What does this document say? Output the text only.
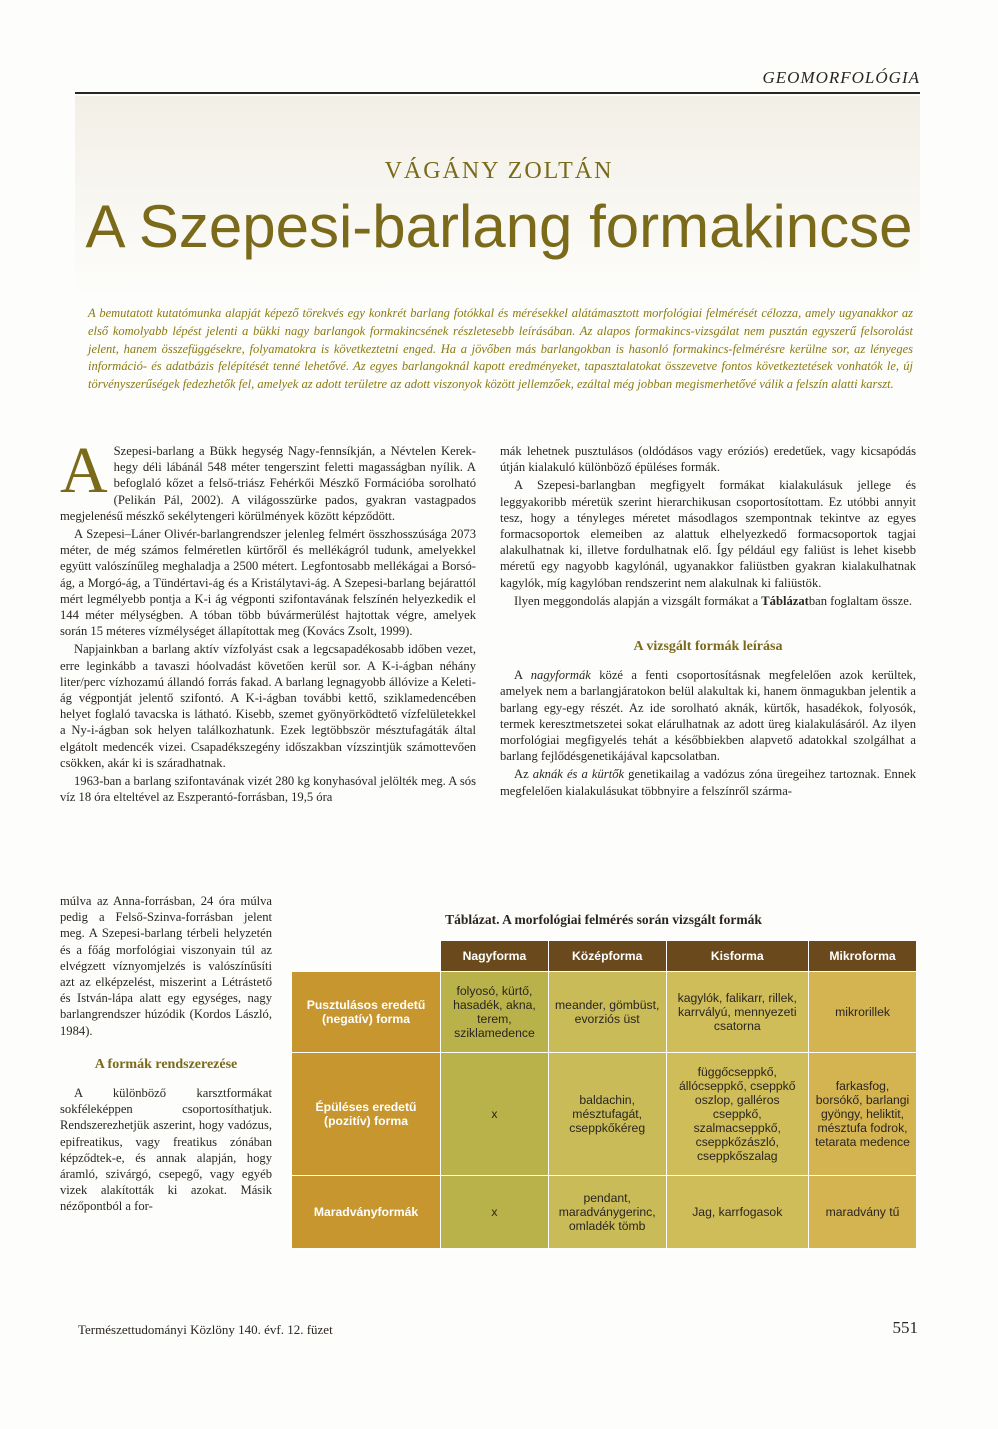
GEOMORFOLÓGIA
VÁGÁNY ZOLTÁN
A Szepesi-barlang formakincse
A bemutatott kutatómunka alapját képező törekvés egy konkrét barlang fotókkal és mérésekkel alátámasztott morfológiai felmérését célozza, amely ugyanakkor az első komolyabb lépést jelenti a bükki nagy barlangok formakincsének részletesebb leírásában. Az alapos formakincs-vizsgálat nem pusztán egyszerű felsorolást jelent, hanem összefüggésekre, folyamatokra is következtetni enged. Ha a jövőben más barlangokban is hasonló formakincs-felmérésre kerülne sor, az lényeges információ- és adatbázis felépítését tenné lehetővé. Az egyes barlangoknál kapott eredményeket, tapasztalatokat összevetve fontos következtetések vonhatók le, új törvényszerűségek fedezhetők fel, amelyek az adott területre az adott viszonyok között jellemzőek, ezáltal még jobban megismerhetővé válik a felszín alatti karszt.

A Szepesi-barlang a Bükk hegység Nagy-fennsíkján, a Névtelen Kerek-hegy déli lábánál 548 méter tengerszint feletti magasságban nyílik. A befoglaló kőzet a felső-triász Fehérkői Mészkő Formációba sorolható (Pelikán Pál, 2002). A világosszürke pados, gyakran vastagpados megjelenésű mészkő sekélytengeri körülmények között képződött.

A Szepesi–Láner Olivér-barlangrendszer jelenleg felmért összhosszúsága 2073 méter, de még számos felméretlen kürtőről és mellékágról tudunk, amelyekkel együtt valószínűleg meghaladja a 2500 métert. Legfontosabb mellékágai a Borsó-ág, a Morgó-ág, a Tündértavi-ág és a Kristálytavi-ág. A Szepesi-barlang bejárattól mért legmélyebb pontja a K-i ág végponti szifontavának felszínén helyezkedik el 144 méter mélységben. A tóban több búvármerülést hajtottak végre, amelyek során 15 méteres vízmélységet állapítottak meg (Kovács Zsolt, 1999).

Napjainkban a barlang aktív vízfolyást csak a legcsapadékosabb időben vezet, erre leginkább a tavaszi hóolvadást követően kerül sor. A K-i-ágban néhány liter/perc vízhozamú állandó forrás fakad. A barlang legnagyobb állóvize a Keleti-ág végpontját jelentő szifontó. A K-i-ágban további kettő, sziklamedencében helyet foglaló tavacska is látható. Kisebb, szemet gyönyörködtető vízfelületekkel a Ny-i-ágban sok helyen találkozhatunk. Ezek legtöbbször mésztufagáták által elgátolt medencék vizei. Csapadékszegény időszakban vízszintjük számottevően csökken, akár ki is száradhatnak.

1963-ban a barlang szifontavának vizét 280 kg konyhasóval jelölték meg. A sós víz 18 óra elteltével az Eszperantó-forrásban, 19,5 óra

múlva az Anna-forrásban, 24 óra múlva pedig a Felső-Szinva-forrásban jelent meg. A Szepesi-barlang térbeli helyzetén és a főág morfológiai viszonyain túl az elvégzett víznyomjelzés is valószínűsíti azt az elképzelést, miszerint a Létrástető és István-lápa alatt egy egységes, nagy barlangrendszer húzódik (Kordos László, 1984).

A formák rendszerezése

A különböző karsztformákat sokféleképpen csoportosíthatjuk. Rendszerezhetjük aszerint, hogy vadózus, epifreatikus, vagy freatikus zónában képződtek-e, és annak alapján, hogy áramló, szivárgó, csepegő, vagy egyéb vizek alakították ki azokat. Másik nézőpontból a for-

mák lehetnek pusztulásos (oldódásos vagy eróziós) eredetűek, vagy kicsapódás útján kialakuló különböző épüléses formák.

A Szepesi-barlangban megfigyelt formákat kialakulásuk jellege és leggyakoribb méretük szerint hierarchikusan csoportosítottam. Ez utóbbi annyit tesz, hogy a tényleges méretet másodlagos szempontnak tekintve az egyes formacsoportok elemeiben az alattuk elhelyezkedő formacsoportok tagjai alakulhatnak ki, illetve fordulhatnak elő. Így például egy faliüst is lehet kisebb méretű egy nagyobb kagylónál, ugyanakkor faliüstben gyakran kialakulhatnak kagylók, míg kagylóban rendszerint nem alakulnak ki faliüstök.

Ilyen meggondolás alapján a vizsgált formákat a Táblázatban foglaltam össze.

A vizsgált formák leírása

A nagyformák közé a fenti csoportosításnak megfelelően azok kerültek, amelyek nem a barlangjáratokon belül alakultak ki, hanem önmagukban jelentik a barlang egy-egy részét. Az ide sorolható aknák, kürtők, hasadékok, folyosók, termek keresztmetszetei sokat elárulhatnak az adott üreg kialakulásáról. Az ilyen morfológiai megfigyelés tehát a későbbiekben alapvető adatokkal szolgálhat a barlang fejlődésgenetikájával kapcsolatban.

Az aknák és a kürtők genetikailag a vadózus zóna üregeihez tartoznak. Ennek megfelelően kialakulásukat többnyire a felszínről szárma-

Táblázat. A morfológiai felmérés során vizsgált formák
	Nagyforma	Középforma	Kisforma	Mikroforma
Pusztulásos eredetű (negatív) forma	folyosó, kürtő, hasadék, akna, terem, sziklamedence	meander, gömbüst, evorziós üst	kagylók, falikarr, rillek, karrvályú, mennyezeti csatorna	mikrorillek
Épüléses eredetű (pozitív) forma	x	baldachin, mésztufagát, cseppkőkéreg	függőcseppkő, állócseppkő, cseppkő oszlop, galléros cseppkő, szalmacseppkő, cseppkőzászló, cseppkőszalag	farkasfog, borsókő, barlangi gyöngy, heliktit, mésztufa fodrok, tetarata medence
Maradványformák	x	pendant, maradványgerinc, omladék tömb	Jag, karrfogasok	maradvány tű
Természettudományi Közlöny 140. évf. 12. füzet	551
